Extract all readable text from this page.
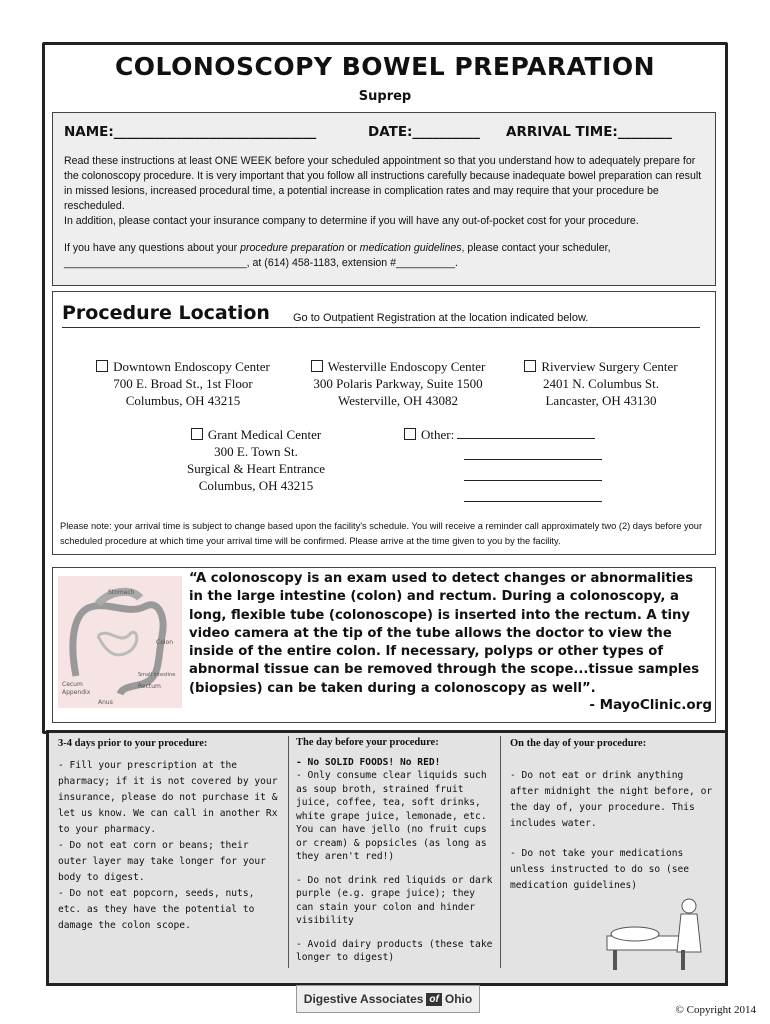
COLONOSCOPY BOWEL PREPARATION
Suprep
NAME:______________________________	DATE:__________ ARRIVAL TIME:________
Read these instructions at least ONE WEEK before your scheduled appointment so that you understand how to adequately prepare for the colonoscopy procedure. It is very important that you follow all instructions carefully because inadequate bowel preparation can result in missed lesions, increased procedural time, a potential increase in complication rates and may require that your procedure be rescheduled.
In addition, please contact your insurance company to determine if you will have any out-of-pocket cost for your procedure.
If you have any questions about your procedure preparation or medication guidelines, please contact your scheduler,
_______________________________, at (614) 458-1183, extension #__________.
Procedure Location Go to Outpatient Registration at the location indicated below.
Downtown Endoscopy Center
700 E. Broad St., 1st Floor
Columbus, OH 43215
Westerville Endoscopy Center
300 Polaris Parkway, Suite 1500
Westerville, OH 43082
Riverview Surgery Center
2401 N. Columbus St.
Lancaster, OH 43130
Grant Medical Center
300 E. Town St.
Surgical & Heart Entrance
Columbus, OH 43215
Other:

Please note: your arrival time is subject to change based upon the facility's schedule. You will receive a reminder call approximately two (2) days before your scheduled procedure at which time your arrival time will be confirmed. Please arrive at the time given to you by the facility.
Stomach
Colon
Cecum
Appendix
Small intestine
Rectum
Anus
“A colonoscopy is an exam used to detect changes or abnormalities in the large intestine (colon) and rectum. During a colonoscopy, a long, flexible tube (colonoscope) is inserted into the rectum. A tiny video camera at the tip of the tube allows the doctor to view the inside of the entire colon. If necessary, polyps or other types of abnormal tissue can be removed through the scope...tissue samples (biopsies) can be taken during a colonoscopy as well”.
- MayoClinic.org
3-4 days prior to your procedure:

- Fill your prescription at the pharmacy; if it is not covered by your insurance, please do not purchase it & let us know. We can call in another Rx to your pharmacy.

- Do not eat corn or beans; their outer layer may take longer for your body to digest.

- Do not eat popcorn, seeds, nuts, etc. as they have the potential to damage the colon scope.

The day before your procedure:

- No SOLID FOODS! No RED!

- Only consume clear liquids such as soup broth, strained fruit juice, coffee, tea, soft drinks, white grape juice, lemonade, etc. You can have jello (no fruit cups or cream) & popsicles (as long as they aren't red!)

- Do not drink red liquids or dark purple (e.g. grape juice); they can stain your colon and hinder visibility

- Avoid dairy products (these take longer to digest)

On the day of your procedure:

- Do not eat or drink anything after midnight the night before, or the day of, your procedure. This includes water.

- Do not take your medications unless instructed to do so (see medication guidelines)

Digestive Associates of Ohio
© Copyright 2014
